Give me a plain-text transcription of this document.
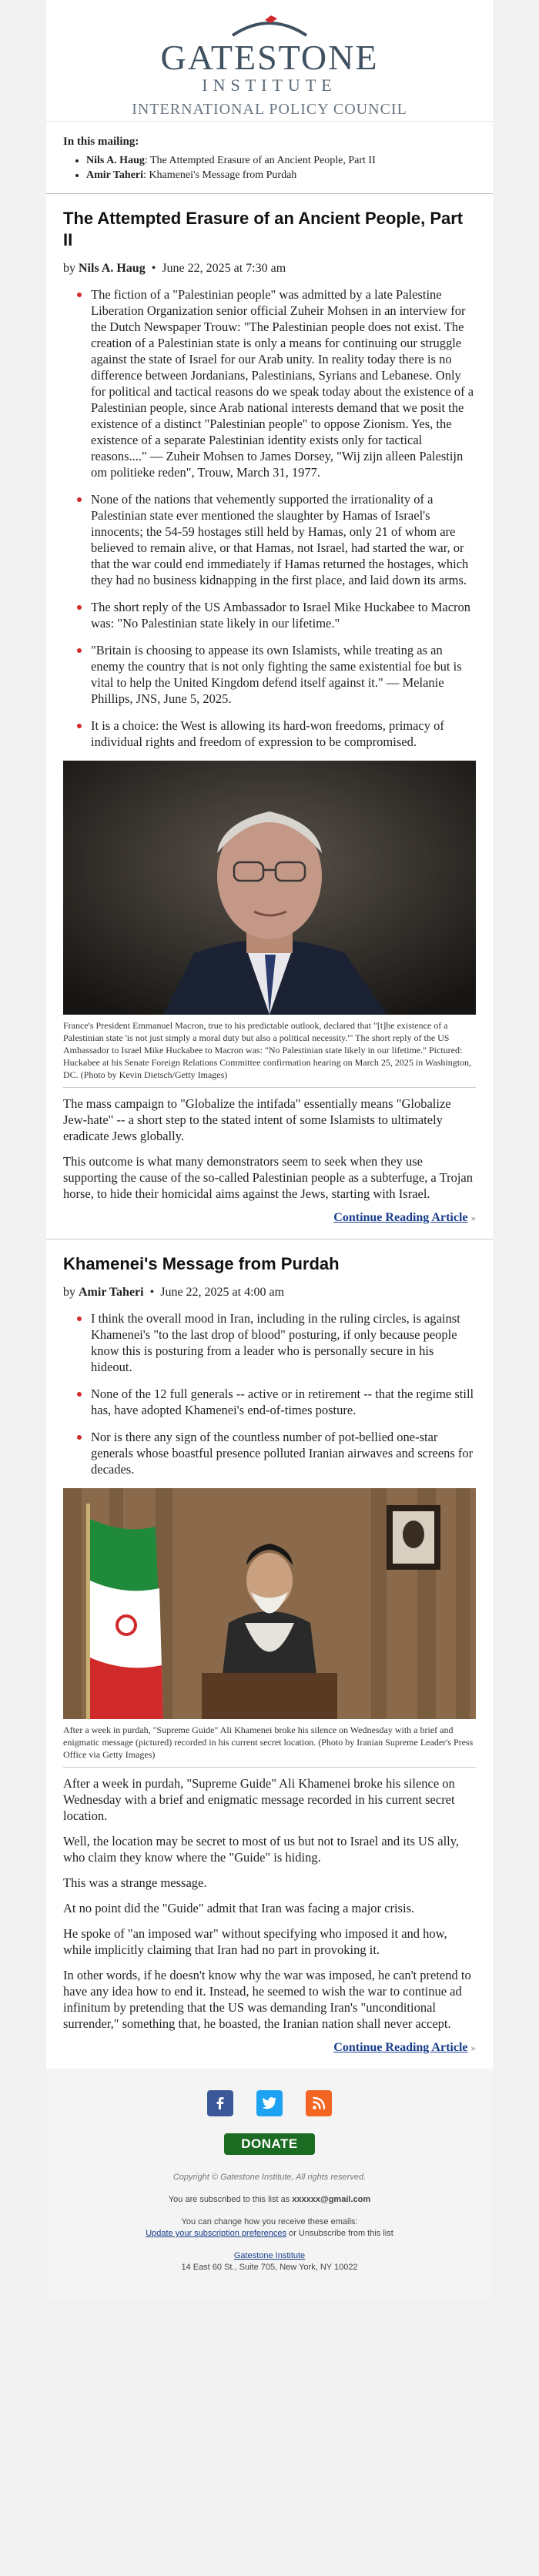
GATESTONE
INSTITUTE
INTERNATIONAL POLICY COUNCIL
In this mailing:
• Nils A. Haug: The Attempted Erasure of an Ancient People, Part II
• Amir Taheri: Khamenei's Message from Purdah
The Attempted Erasure of an Ancient People, Part II
by Nils A. Haug  •  June 22, 2025 at 7:30 am
The fiction of a "Palestinian people" was admitted by a late Palestine Liberation Organization senior official Zuheir Mohsen in an interview for the Dutch Newspaper Trouw: "The Palestinian people does not exist. The creation of a Palestinian state is only a means for continuing our struggle against the state of Israel for our Arab unity. In reality today there is no difference between Jordanians, Palestinians, Syrians and Lebanese. Only for political and tactical reasons do we speak today about the existence of a Palestinian people, since Arab national interests demand that we posit the existence of a distinct "Palestinian people" to oppose Zionism. Yes, the existence of a separate Palestinian identity exists only for tactical reasons...." — Zuheir Mohsen to James Dorsey, "Wij zijn alleen Palestijn om politieke reden", Trouw, March 31, 1977.
None of the nations that vehemently supported the irrationality of a Palestinian state ever mentioned the slaughter by Hamas of Israel's innocents; the 54-59 hostages still held by Hamas, only 21 of whom are believed to remain alive, or that Hamas, not Israel, had started the war, or that the war could end immediately if Hamas returned the hostages, which they had no business kidnapping in the first place, and laid down its arms.
The short reply of the US Ambassador to Israel Mike Huckabee to Macron was: "No Palestinian state likely in our lifetime."
"Britain is choosing to appease its own Islamists, while treating as an enemy the country that is not only fighting the same existential foe but is vital to help the United Kingdom defend itself against it." — Melanie Phillips, JNS, June 5, 2025.
It is a choice: the West is allowing its hard-won freedoms, primacy of individual rights and freedom of expression to be compromised.
France's President Emmanuel Macron, true to his predictable outlook, declared that "[t]he existence of a Palestinian state 'is not just simply a moral duty but also a political necessity.'" The short reply of the US Ambassador to Israel Mike Huckabee to Macron was: "No Palestinian state likely in our lifetime." Pictured: Huckabee at his Senate Foreign Relations Committee confirmation hearing on March 25, 2025 in Washington, DC. (Photo by Kevin Dietsch/Getty Images)

The mass campaign to "Globalize the intifada" essentially means "Globalize Jew-hate" -- a short step to the stated intent of some Islamists to ultimately eradicate Jews globally.

This outcome is what many demonstrators seem to seek when they use supporting the cause of the so-called Palestinian people as a subterfuge, a Trojan horse, to hide their homicidal aims against the Jews, starting with Israel.

Continue Reading Article »
Khamenei's Message from Purdah
by Amir Taheri  •  June 22, 2025 at 4:00 am
I think the overall mood in Iran, including in the ruling circles, is against Khamenei's "to the last drop of blood" posturing, if only because people know this is posturing from a leader who is personally secure in his hideout.
None of the 12 full generals -- active or in retirement -- that the regime still has, have adopted Khamenei's end-of-times posture.
Nor is there any sign of the countless number of pot-bellied one-star generals whose boastful presence polluted Iranian airwaves and screens for decades.
After a week in purdah, "Supreme Guide" Ali Khamenei broke his silence on Wednesday with a brief and enigmatic message (pictured) recorded in his current secret location. (Photo by Iranian Supreme Leader's Press Office via Getty Images)

After a week in purdah, "Supreme Guide" Ali Khamenei broke his silence on Wednesday with a brief and enigmatic message recorded in his current secret location.

Well, the location may be secret to most of us but not to Israel and its US ally, who claim they know where the "Guide" is hiding.

This was a strange message.

At no point did the "Guide" admit that Iran was facing a major crisis.

He spoke of "an imposed war" without specifying who imposed it and how, while implicitly claiming that Iran had no part in provoking it.

In other words, if he doesn't know why the war was imposed, he can't pretend to have any idea how to end it. Instead, he seemed to wish the war to continue ad infinitum by pretending that the US was demanding Iran's "unconditional surrender," something that, he boasted, the Iranian nation shall never accept.

Continue Reading Article »
DONATE

Copyright © Gatestone Institute, All rights reserved.

You are subscribed to this list as xxxxxx@gmail.com

You can change how you receive these emails:
Update your subscription preferences or Unsubscribe from this list

Gatestone Institute
14 East 60 St., Suite 705, New York, NY 10022
